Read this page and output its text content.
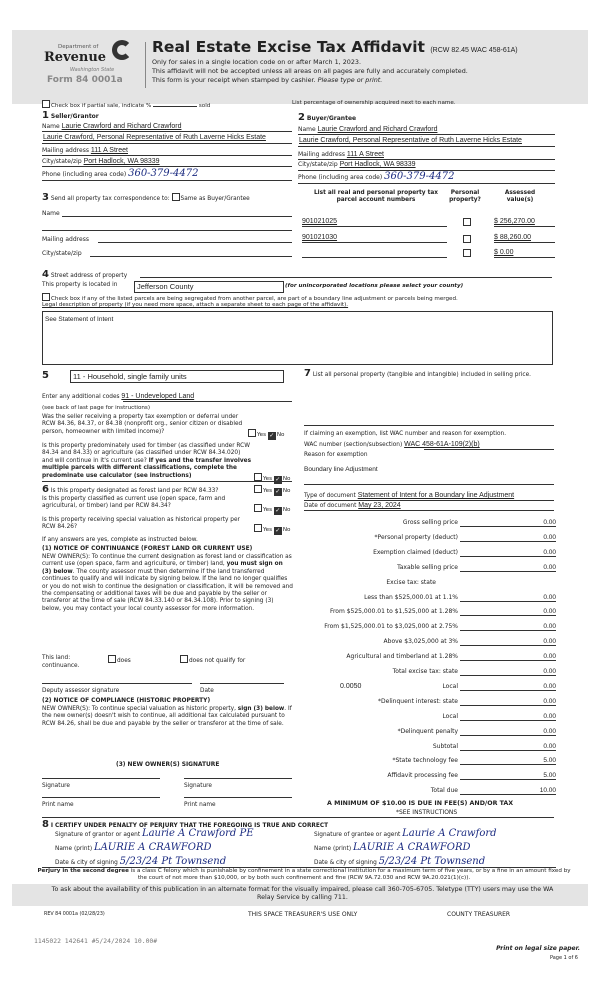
Department of
Revenue
Washington State
Form 84 0001a
Real Estate Excise Tax Affidavit (RCW 82.45 WAC 458-61A)
Only for sales in a single location code on or after March 1, 2023.
This affidavit will not be accepted unless all areas on all pages are fully and accurately completed.
This form is your receipt when stamped by cashier. Please type or print.
Check box if partial sale, indicate %	sold	List percentage of ownership acquired next to each name.
1 Seller/Grantor
Name Laurie Crawford and Richard Crawford
Laurie Crawford, Personal Representative of Ruth Laverne Hicks Estate
Mailing address 111 A Street
City/state/zip Port Hadlock, WA 98339
Phone (including area code) 360-379-4472
2 Buyer/Grantee
Name Laurie Crawford and Richard Crawford
Laurie Crawford, Personal Representative of Ruth Laverne Hicks Estate
Mailing address 111 A Street
City/state/zip Port Hadlock, WA 98339
Phone (including area code) 360-379-4472
3 Send all property tax correspondence to: Same as Buyer/Grantee
Name
Mailing address
City/state/zip
List all real and personal property tax parcel account numbers
Personal property?
Assessed value(s)
901021025	$ 256,270.00
901021030	$ 88,260.00
$ 0.00
4 Street address of property
This property is located in	Jefferson County	(for unincorporated locations please select your county)
Check box if any of the listed parcels are being segregated from another parcel, are part of a boundary line adjustment or parcels being merged.
Legal description of property (if you need more space, attach a separate sheet to each page of the affidavit).
See Statement of Intent
5	11 - Household, single family units
Enter any additional codes 91 - Undeveloped Land
(see back of last page for instructions)
Was the seller receiving a property tax exemption or deferral under RCW 84.36, 84.37, or 84.38 (nonprofit org., senior citizen or disabled person, homeowner with limited income)?
Yes ✓ No
Is this property predominately used for timber (as classified under RCW 84.34 and 84.33) or agriculture (as classified under RCW 84.34.020) and will continue in it's current use? If yes and the transfer involves multiple parcels with different classifications, complete the predominate use calculator (see instructions)
Yes ✓ No
6 Is this property designated as forest land per RCW 84.33?	Yes ✓ No
Is this property classified as current use (open space, farm and agricultural, or timber) land per RCW 84.34?
Yes ✓ No
Is this property receiving special valuation as historical property per RCW 84.26?	Yes ✓ No
If any answers are yes, complete as instructed below.
(1) NOTICE OF CONTINUANCE (FOREST LAND OR CURRENT USE)
NEW OWNER(S): To continue the current designation as forest land or classification as current use (open space, farm and agriculture, or timber) land, you must sign on (3) below. The county assessor must then determine if the land transferred continues to qualify and will indicate by signing below. If the land no longer qualifies or you do not wish to continue the designation or classification, it will be removed and the compensating or additional taxes will be due and payable by the seller or transferor at the time of sale (RCW 84.33.140 or 84.34.108). Prior to signing (3) below, you may contact your local county assessor for more information.
This land:	does	does not qualify for
continuance.
Deputy assessor signature	Date
(2) NOTICE OF COMPLIANCE (HISTORIC PROPERTY)
NEW OWNER(S): To continue special valuation as historic property, sign (3) below. If the new owner(s) doesn't wish to continue, all additional tax calculated pursuant to RCW 84.26, shall be due and payable by the seller or transferor at the time of sale.
(3) NEW OWNER(S) SIGNATURE
Signature	Signature
Print name	Print name
7 List all personal property (tangible and intangible) included in selling price.
If claiming an exemption, list WAC number and reason for exemption.
WAC number (section/subsection) WAC 458-61A-109(2)(b)
Reason for exemption
Boundary line Adjustment
Type of document Statement of Intent for a Boundary line Adjustment
Date of document May 23, 2024
Gross selling price	0.00
*Personal property (deduct)	0.00
Exemption claimed (deduct)	0.00
Taxable selling price	0.00
Excise tax: state
Less than $525,000.01 at 1.1%	0.00
From $525,000.01 to $1,525,000 at 1.28%	0.00
From $1,525,000.01 to $3,025,000 at 2.75%	0.00
Above $3,025,000 at 3%	0.00
Agricultural and timberland at 1.28%	0.00
Total excise tax: state	0.00
Local
0.0050	0.00
*Delinquent interest: state	0.00
Local	0.00
*Delinquent penalty	0.00
Subtotal	0.00
*State technology fee	5.00
Affidavit processing fee	5.00
Total due	10.00
A MINIMUM OF $10.00 IS DUE IN FEE(S) AND/OR TAX
*SEE INSTRUCTIONS
8 I CERTIFY UNDER PENALTY OF PERJURY THAT THE FOREGOING IS TRUE AND CORRECT
Signature of grantor or agent Laurie A Crawford PE
Name (print) LAURIE A CRAWFORD
Date & city of signing 5/23/24 Pt Townsend
Signature of grantee or agent Laurie A Crawford
Name (print) LAURIE A CRAWFORD
Date & city of signing 5/23/24 Pt Townsend
Perjury in the second degree is a class C felony which is punishable by confinement in a state correctional institution for a maximum term of five years, or by a fine in an amount fixed by the court of not more than $10,000, or by both such confinement and fine (RCW 9A.72.030 and RCW 9A.20.021(1)(c)).
To ask about the availability of this publication in an alternate format for the visually impaired, please call 360-705-6705. Teletype (TTY) users may use the WA Relay Service by calling 711.
REV 84 0001a (02/28/23)	THIS SPACE TREASURER'S USE ONLY	COUNTY TREASURER
1145022 142641 #5/24/2024 10.00#
Print on legal size paper.
Page 1 of 6
